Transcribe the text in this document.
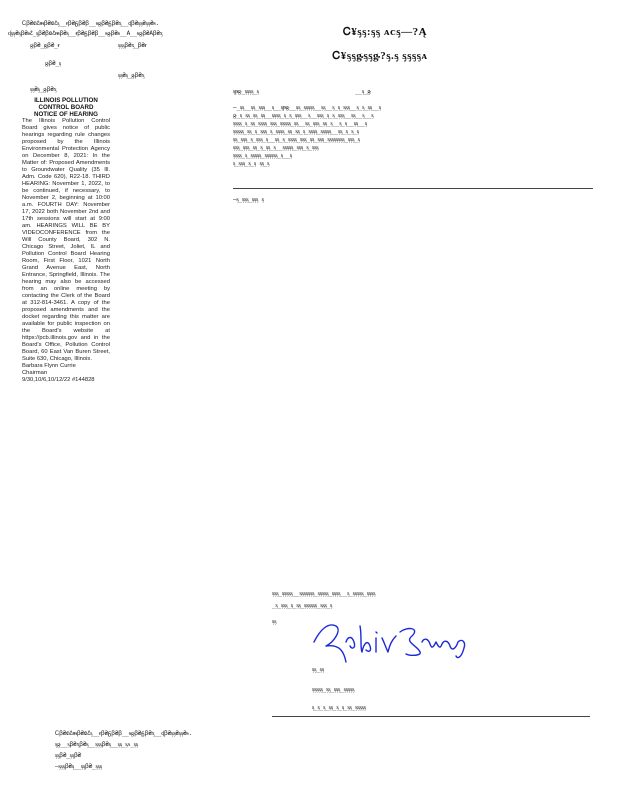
Ꮯ⁠ꞵ₴ຄ᱒ᵯ⁠ꞵ₴ຄ᱒ᶊ__ᵲ⁠ꞵ₴ᵷ⁠ꞵ₴⁠ꞵ__ᵴᶃꞵ₴ᵷ⁠ꞵ₴ᶍ__ᶑ⁠ꞵ₴ᶊᶊ₴ᶊᶊ₴ᵴ.
ᶑᶊᶊ₴ᶊ⁠ꞵ₴ᵴ᱒_ᶊ⁠ꞵ₴ꞵຄ᱒ᵯ⁠ꞵ₴ᶊ__ᵲ⁠ꞵ₴ᵷ⁠ꞵ₴⁠ꞵ__ᵴᶃꞵ₴ᵴ__Ā__ᵴᶃꞵ₴Ā⁠ꞵ₴ᶍ
ᶃ⁠ꞵ₴_ᶃ⁠ꞵ₴_ᵲ	ᶊᶊᶊ⁠ꞵ₴ᶍ_ꞵ₴ᵲ
ᶃ⁠ꞵ₴_ᶊ
ᶊᶊ₴ᶊ_ᶃ⁠ꞵ₴ᶍ
ᶊᶊ₴ᶊ_ᶃ⁠ꞵ₴ᶍ
Ꮯ¥ᶊᶊ:ᶊᶊ ᴀᴄᶊ—?Ą
Ꮯ¥ᶊᶊᶃᶊᶊᶃ?ᶊ.ᶊ ᶊᶊᶊᶊᴀ
ILLINOIS POLLUTION
CONTROL BOARD
NOTICE OF HEARING
The Illinois Pollution Control Board gives notice of public hearings regarding rule changes proposed by the Illinois Environmental Protection Agency on December 8, 2021: In the Matter of: Proposed Amendments to Groundwater Quality (35 Ill. Adm. Code 620), R22-18. THIRD HEARING: November 1, 2022, to be continued, if necessary, to November 2, beginning at 10:00 a.m. FOURTH DAY: November 17, 2022 both November 2nd and 17th sessions will start at 9:00 am. HEARINGS WILL BE BY VIDEOCONFERENCE from the Will County Board, 302 N. Chicago Street, Joliet, IL and Pollution Control Board Hearing Room, First Floor, 1021 North Grand Avenue East, North Entrance, Springfield, Illinois. The hearing may also be accessed from an online meeting by contacting the Clerk of the Board at 312-814-3461. A copy of the proposed amendments and the docket regarding this matter are available for public inspection on the Board's website at https://pcb.illinois.gov and in the Board's Office, Pollution Control Board, 60 East Van Buren Street, Suite 630, Chicago, Illinois.
Barbara Flynn Currie
Chairman
9/30,10/6,10/12/22 #144828
ᶊᵽᶃ_ᶊᶊᶊᶊ_ᶊ	__ᶊ_ᶃ
—_ᶊᶊ__ᶊᶊ_ᶊᶊᶊ__ᶊ__ᶊᵽᶃ__ᶊᶊ_ᶊᶊᶊᶊᶊ__ᶊᶊ__ᶊ_ᶊ_ᶊᶊᶊ__ᶊ_ᶊ_ᶊᶊ__ᶊ
ᶃ_ᶊ_ᶊᶊ_ᶊᶊ_ᶊᶊ__ᶊᶊᶊᶊ_ᶊ_ᶊ_ᶊᶊᶊ__ᶊ__ᶊᶊᶊ_ᶊ_ᶊ_ᶊᶊᶊ__ᶊᶊ__ᶊ__ᶊ
ᶊᶊᶊᶊ_ᶊ_ᶊᶊ_ᶊᶊᶊᶊ_ᶊᶊᶊ_ᶊᶊᶊᶊᶊ_ᶊᶊ__ᶊᶊ_ᶊᶊᶊ_ᶊᶊ_ᶊ__ᶊ_ᶊ__ᶊᶊ__ᶊ
ᶊᶊᶊᶊᶊ_ᶊᶊ_ᶊ_ᶊᶊᶊ_ᶊ_ᶊᶊᶊᶊ_ᶊᶊ_ᶊᶊ_ᶊ_ᶊᶊᶊᶊ_ᶊᶊᶊᶊᶊ__ᶊᶊ_ᶊ_ᶊ_ᶊ
ᶊᶊ_ᶊᶊᶊ_ᶊ_ᶊᶊᶊ_ᶊ__ᶊᶊ_ᶊ_ᶊᶊᶊᶊ_ᶊᶊᶊ_ᶊᶊ_ᶊᶊᶊ_ᶊᶊᶊᶊᶊᶊᶊᶊ_ᶊᶊᶊ_ᶊ
ᶊᶊᶊ_ᶊᶊᶊ_ᶊᶊ_ᶊ_ᶊᶊ_ᶊ__ᶊᶊᶊᶊᶊ_ᶊᶊᶊ_ᶊ_ᶊᶊᶊ
ᶊᶊᶊᶊ_ᶊ_ᶊᶊᶊᶊᶊ_ᶊᶊᶊᶊᶊᶊ_ᶊ__ᶊ
ᶊ_ᶊᶊᶊ_ᶊ_ᶊ ᶊᶊ_ᶊ
—ᶊ_ᶊᶊᶊ_ᶊᶊᶊ ᶊ
ᶊᶊᶊ_ᶊᶊᶊᶊᶊ__ᶊᶊᶊᶊᶊᶊᶊ_ᶊᶊᶊᶊᶊ_ᶊᶊᶊᶊ__ᶊ_ᶊᶊᶊᶊᶊ_ᶊᶊᶊᶊ
_ᶊ_ᶊᶊᶊ_ᶊ_ᶊᶊ_ᶊᶊᶊᶊᶊᶊ_ᶊᶊᶊ_ᶊ
ᶊᶊ
ᶊᶊ_ᶊᶊ
ᶊᶊᶊᶊᶊ_ᶊᶊ_ᶊᶊᶊ_ᶊᶊᶊᶊᶊ
ᶊ_ᶊ_ᶊ_ᶊᶊ_ᶊ_ᶊ_ᶊᶊ_ᶊᶊᶊᶊᶊ
Ꮯ⁠ꞵ₴ຄ᱒ᵯ⁠ꞵ₴ຄ᱒ᶊ__ᵲ⁠ꞵ₴ᵷ⁠ꞵ₴⁠ꞵ__ᵴᶃꞵ₴ᵷ⁠ꞵ₴ᶍ__ᶑ⁠ꞵ₴ᶊᶊ₴ᶊᶊ₴ᵴ.
ᶊᶃ__ᶊ⁠ꞵ₴ᶍ⁠ꞵ₴ᶊ__ᶊᶊᶊ⁠ꞵ₴ᶊ__ᶊᶊ_ᶊᴀ_ᶊᶊ
ᶊᶊ⁠ꞵ₴_ᶊᶊ⁠ꞵ₴
—ᶊᶊᶊ⁠ꞵ₴ᶊ__ᶊᶊ⁠ꞵ₴_ᶊᶊᶊ
